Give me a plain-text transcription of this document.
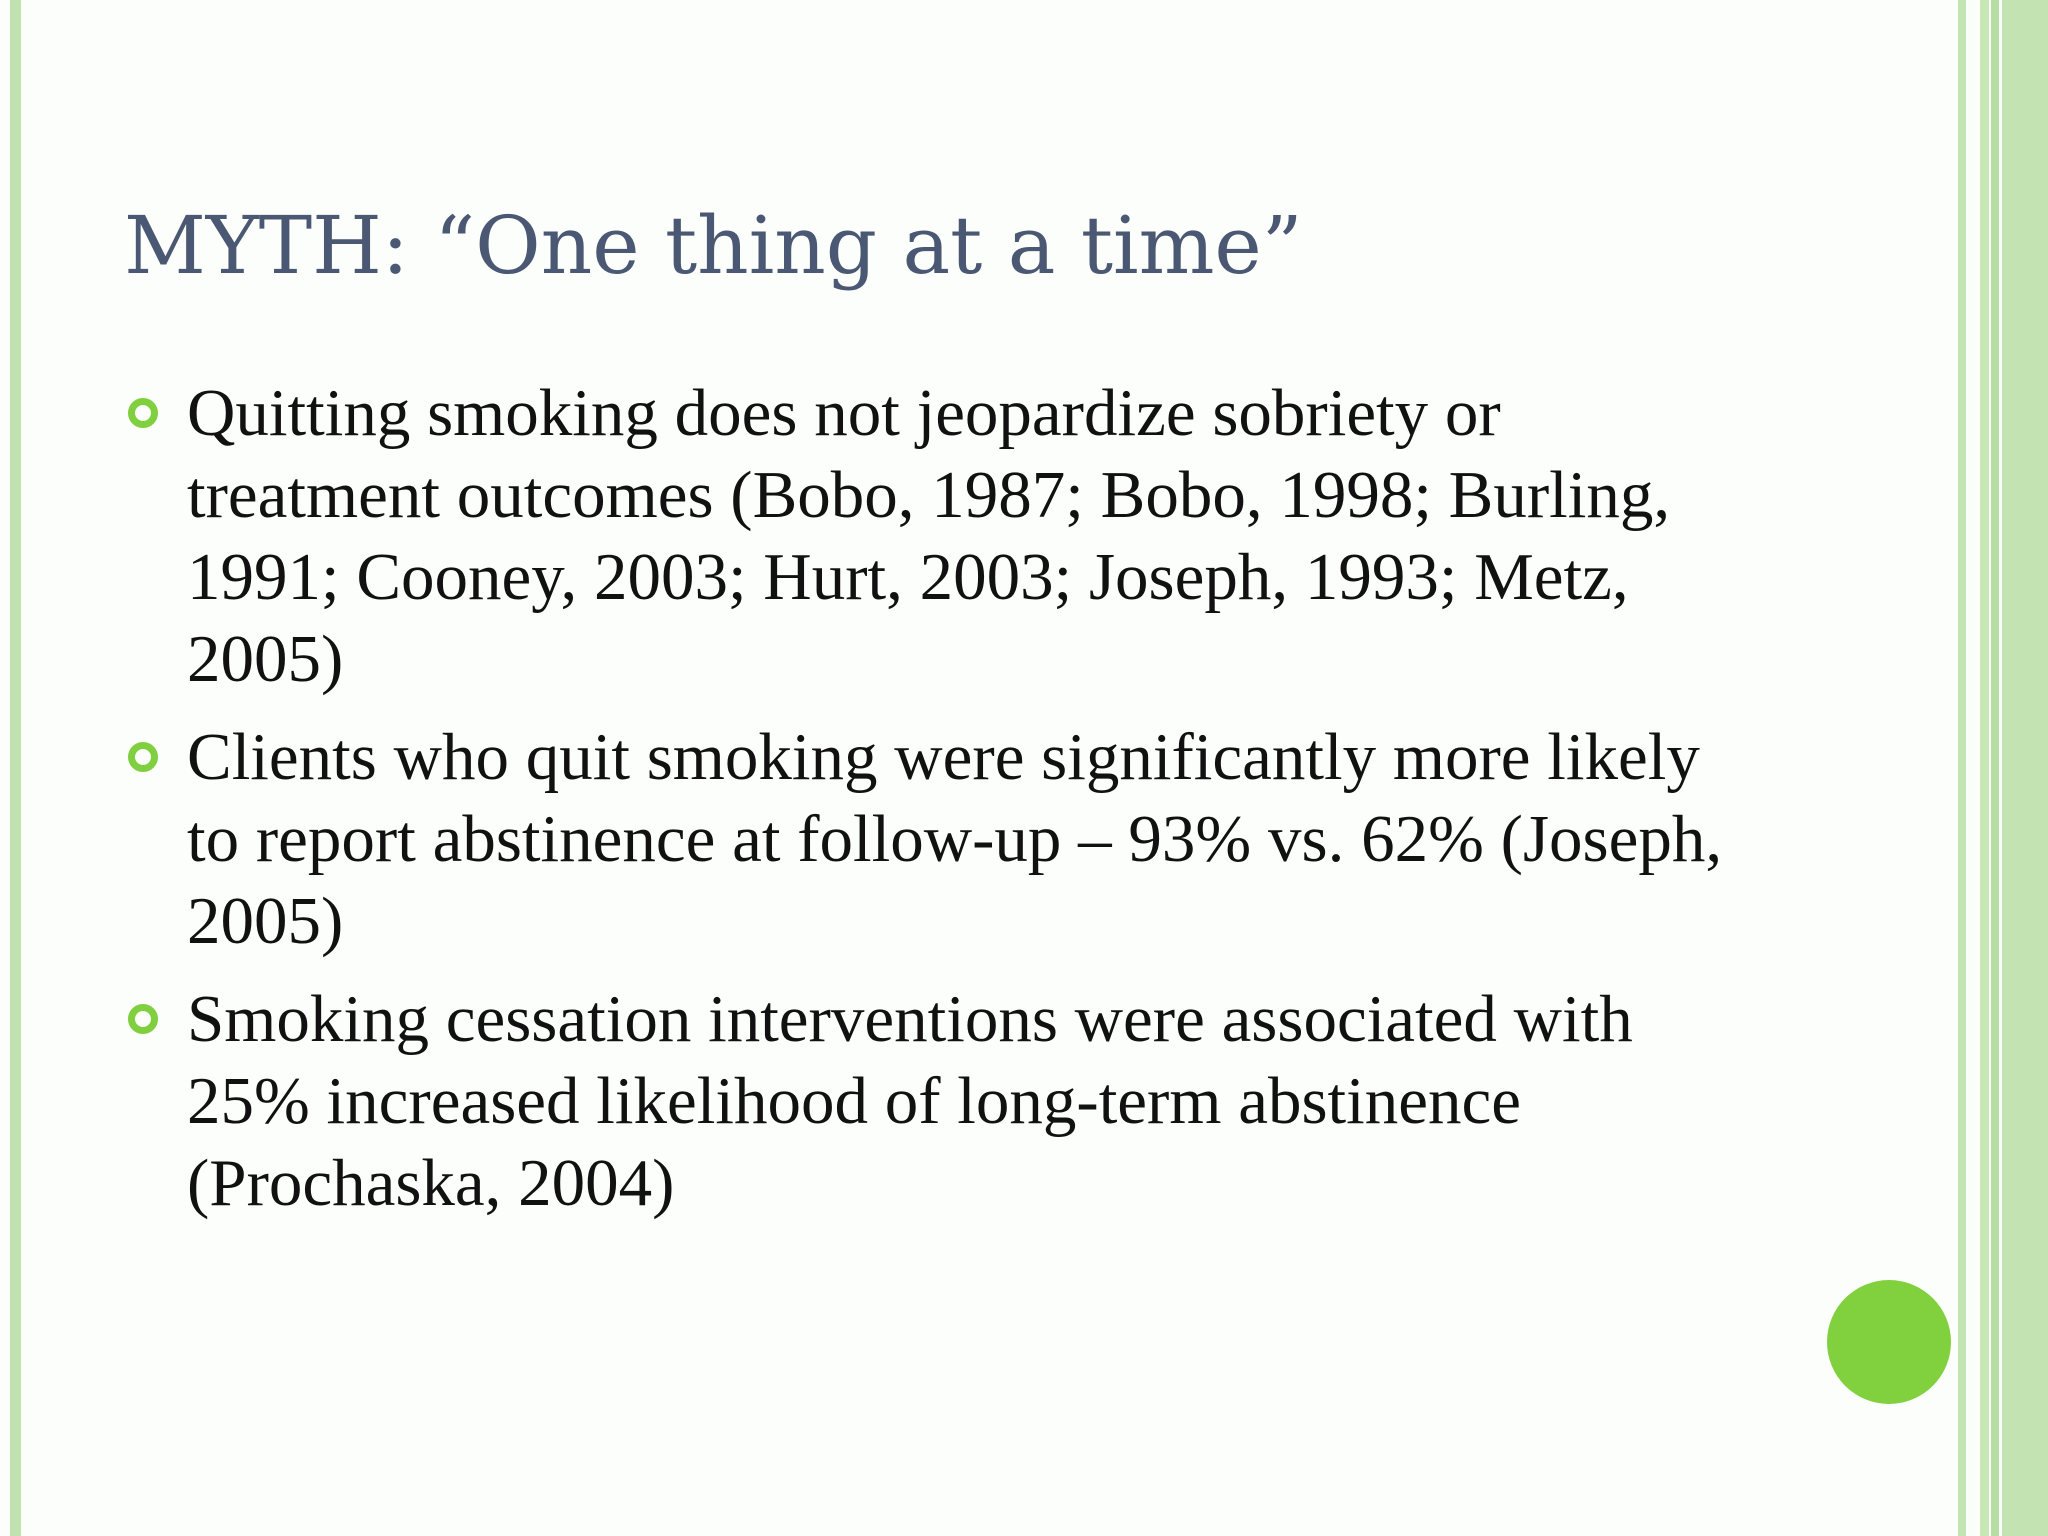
MYTH: “One thing at a time”
Quitting smoking does not jeopardize sobriety or treatment outcomes (Bobo, 1987; Bobo, 1998; Burling, 1991; Cooney, 2003; Hurt, 2003; Joseph, 1993; Metz, 2005)
Clients who quit smoking were significantly more likely to report abstinence at follow-up – 93% vs. 62% (Joseph, 2005)
Smoking cessation interventions were associated with 25% increased likelihood of long-term abstinence (Prochaska, 2004)
